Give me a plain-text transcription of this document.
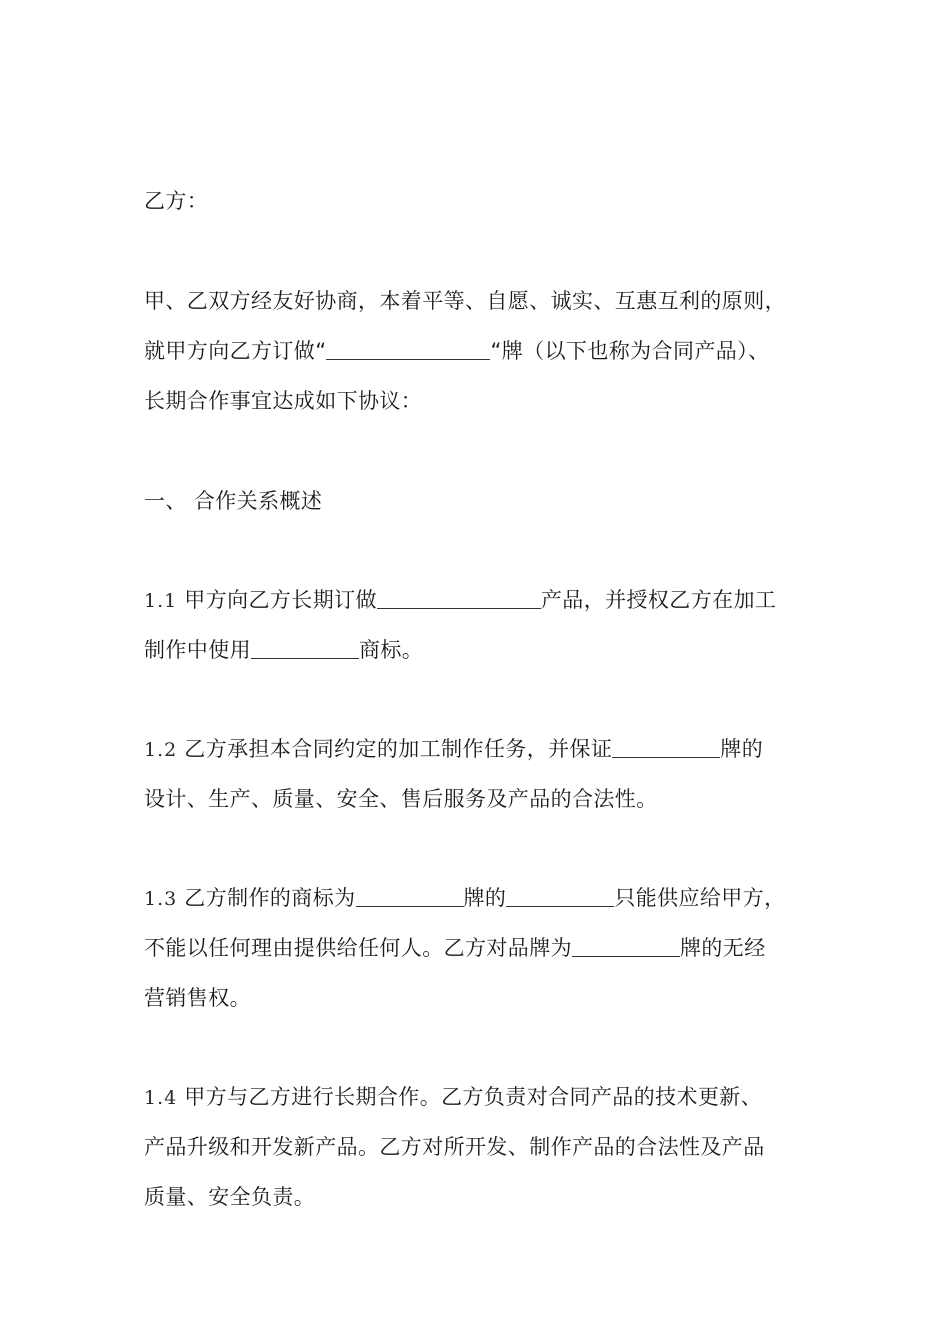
乙方：
甲、乙双方经友好协商，本着平等、自愿、诚实、互惠互利的原则，
就甲方向乙方订做“	“牌（以下也称为合同产品）、
长期合作事宜达成如下协议：
一、 合作关系概述
1.1 甲方向乙方长期订做	产品，并授权乙方在加工
制作中使用	商标。
1.2 乙方承担本合同约定的加工制作任务，并保证	牌的
设计、生产、质量、安全、售后服务及产品的合法性。
1.3 乙方制作的商标为	牌的	只能供应给甲方，
不能以任何理由提供给任何人。乙方对品牌为	牌的无经
营销售权。
1.4 甲方与乙方进行长期合作。乙方负责对合同产品的技术更新、
产品升级和开发新产品。乙方对所开发、制作产品的合法性及产品
质量、安全负责。
